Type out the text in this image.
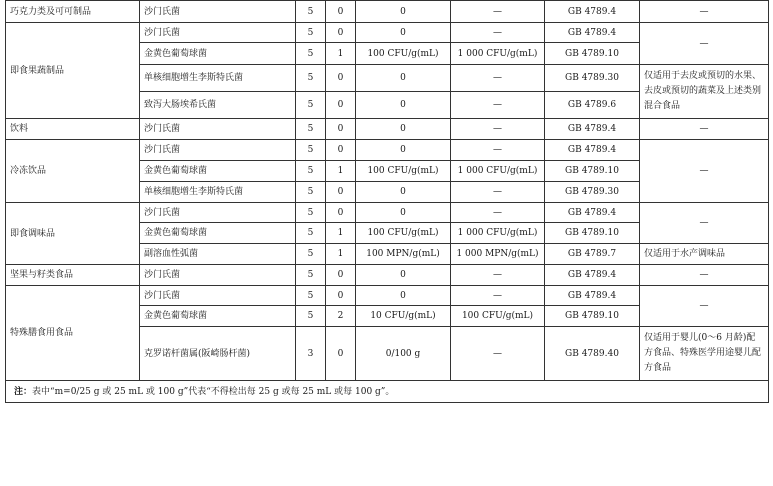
巧克力类及可可制品	沙门氏菌	5	0	0	—	GB 4789.4	—
即食果蔬制品	沙门氏菌	5	0	0	—	GB 4789.4	—
	金黄色葡萄球菌	5	1	100 CFU/g(mL)	1 000 CFU/g(mL)	GB 4789.10	
	单核细胞增生李斯特氏菌	5	0	0	—	GB 4789.30	仅适用于去皮或预切的水果、去皮或预切的蔬菜及上述类别混合食品
	致泻大肠埃希氏菌	5	0	0	—	GB 4789.6	
饮料	沙门氏菌	5	0	0	—	GB 4789.4	—
冷冻饮品	沙门氏菌	5	0	0	—	GB 4789.4	—
	金黄色葡萄球菌	5	1	100 CFU/g(mL)	1 000 CFU/g(mL)	GB 4789.10	
	单核细胞增生李斯特氏菌	5	0	0	—	GB 4789.30	
即食调味品	沙门氏菌	5	0	0	—	GB 4789.4	—
	金黄色葡萄球菌	5	1	100 CFU/g(mL)	1 000 CFU/g(mL)	GB 4789.10	
	副溶血性弧菌	5	1	100 MPN/g(mL)	1 000 MPN/g(mL)	GB 4789.7	仅适用于水产调味品
坚果与籽类食品	沙门氏菌	5	0	0	—	GB 4789.4	—
特殊膳食用食品	沙门氏菌	5	0	0	—	GB 4789.4	—
	金黄色葡萄球菌	5	2	10 CFU/g(mL)	100 CFU/g(mL)	GB 4789.10	
	克罗诺杆菌属(阪崎肠杆菌)	3	0	0/100 g	—	GB 4789.40	仅适用于婴儿(0～6 月龄)配方食品、特殊医学用途婴儿配方食品
注：表中“m=0/25 g 或 25 mL 或 100 g”代表“不得检出每 25 g 或每 25 mL 或每 100 g”。							
